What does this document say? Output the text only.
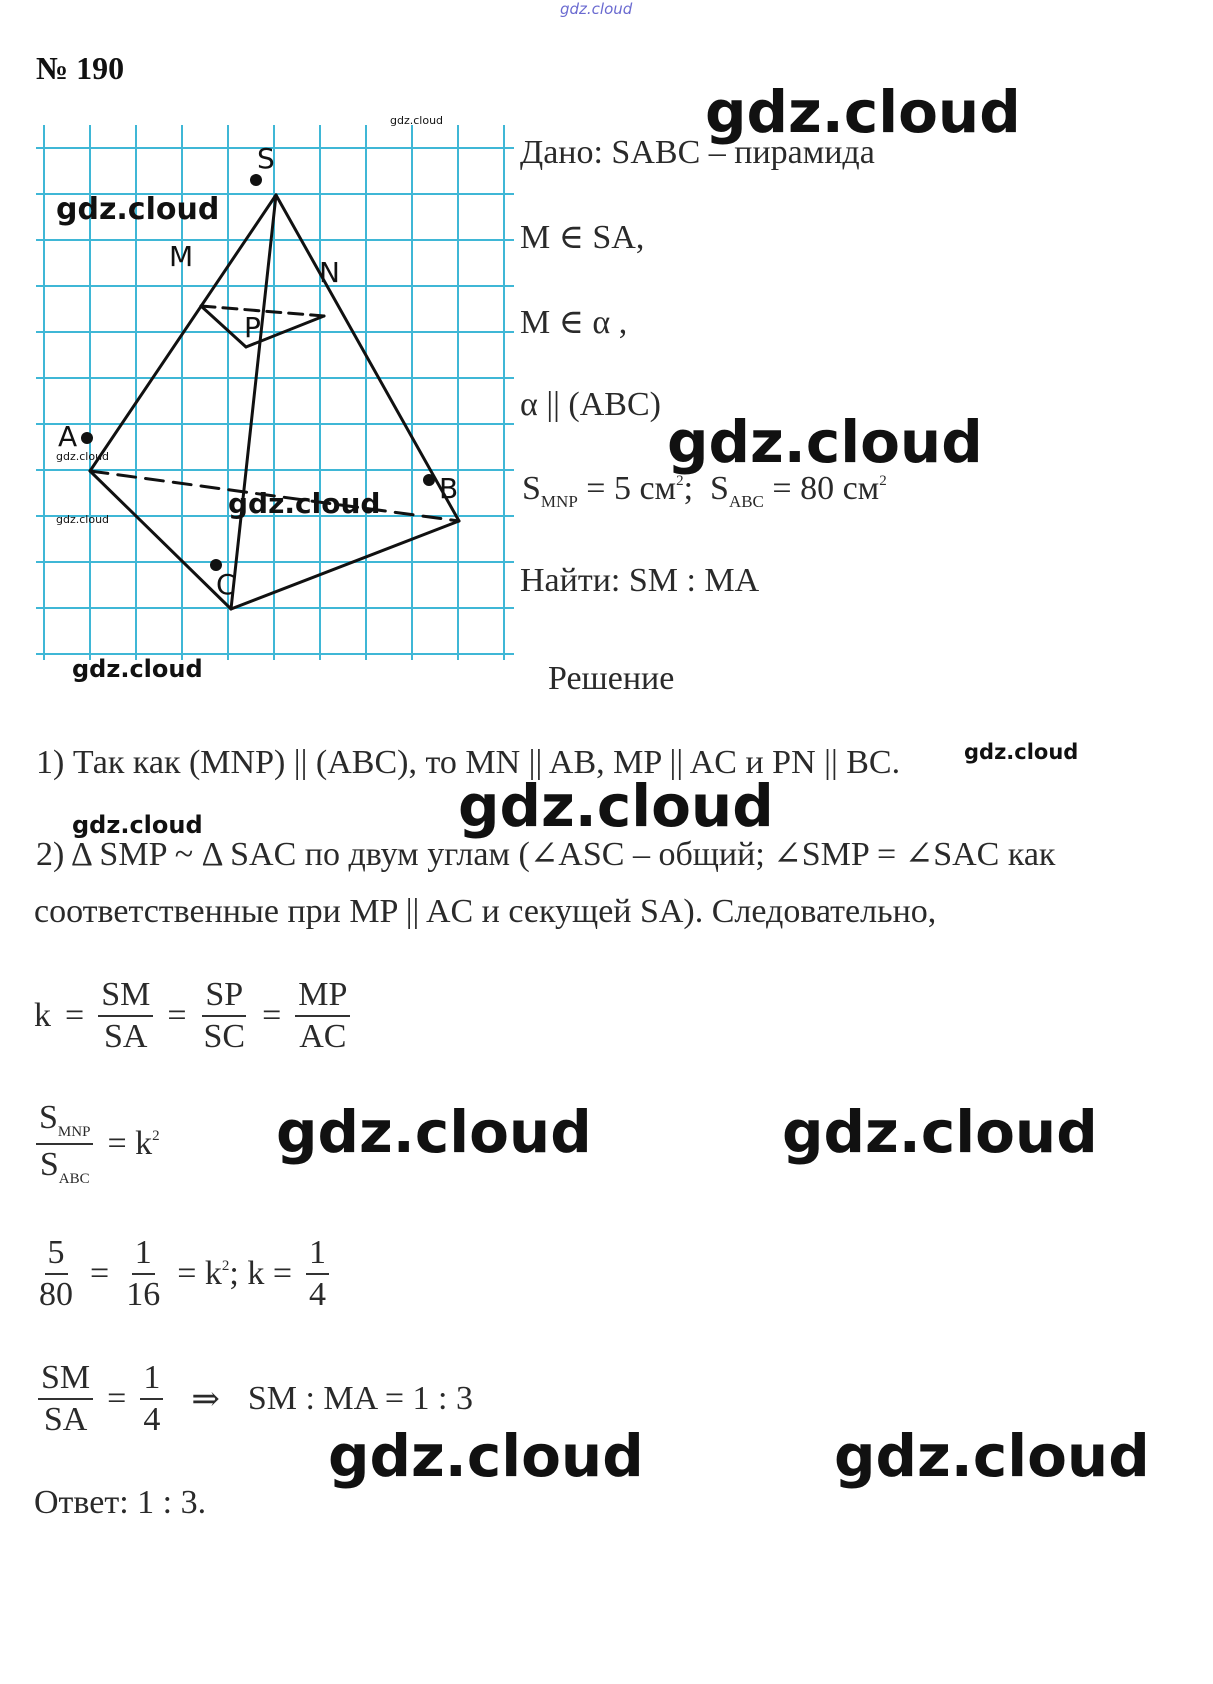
gdz.cloud
№ 190
S
M	N
P
A
B
C
Дано: SABC – пирамида
M ∈ SA,
M ∈ α ,
α || (ABC)
$S_{MNP} = 5$ $см^2$; $S_{ABC} = 80$ $см^2$
Найти: SM : MA
Решение
1) Так как (MNP) || (ABC), то MN || AB, MP || AC и PN || BC.
2) Δ SMP ~ Δ SAC по двум углам (∠ASC – общий; ∠SMP = ∠SAC как
соответственные при MP || AC и секущей SA). Следовательно,
$k = \frac{SM}{SA} = \frac{SP}{SC} = \frac{MP}{AC}$
$\frac{S_{MNP}}{S_{ABC}} = k^2$
$\frac{5}{80} = \frac{1}{16} = k^2$; $k = \frac{1}{4}$
$\frac{SM}{SA} = \frac{1}{4}$ ⇒ SM : MA = 1 : 3
Ответ: 1 : 3.
gdz.cloud
gdz.cloud
gdz.cloud
gdz.cloud
gdz.cloud
gdz.cloud
gdz.cloud
gdz.cloud
gdz.cloud
gdz.cloud
gdz.cloud
gdz.cloud	gdz.cloud
gdz.cloud	gdz.cloud
